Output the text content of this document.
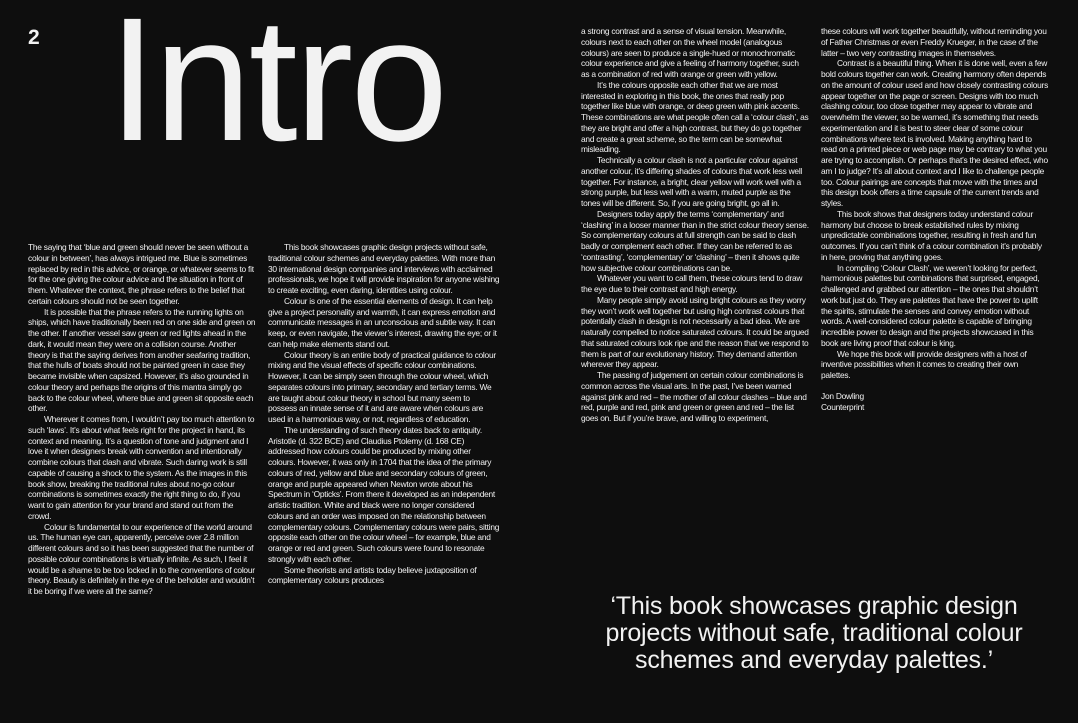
2 Intro

The saying that ‘blue and green should never be seen without a colour in between’, has always intrigued me. Blue is sometimes replaced by red in this advice, or orange, or whatever seems to fit for the one giving the colour advice and the situation in front of them. Whatever the context, the phrase refers to the belief that certain colours should not be seen together.

It is possible that the phrase refers to the running lights on ships, which have traditionally been red on one side and green on the other. If another vessel saw green or red lights ahead in the dark, it would mean they were on a collision course. Another theory is that the saying derives from another seafaring tradition, that the hulls of boats should not be painted green in case they became invisible when capsized. However, it’s also grounded in colour theory and perhaps the origins of this mantra simply go back to the colour wheel, where blue and green sit opposite each other.

Wherever it comes from, I wouldn’t pay too much attention to such ‘laws’. It’s about what feels right for the project in hand, its context and meaning. It’s a question of tone and judgment and I love it when designers break with convention and intentionally combine colours that clash and vibrate. Such daring work is still capable of causing a shock to the system. As the images in this book show, breaking the traditional rules about no-go colour combinations is sometimes exactly the right thing to do, if you want to gain attention for your brand and stand out from the crowd.

Colour is fundamental to our experience of the world around us. The human eye can, apparently, perceive over 2.8 million different colours and so it has been suggested that the number of possible colour combinations is virtually infinite. As such, I feel it would be a shame to be too locked in to the conventions of colour theory. Beauty is definitely in the eye of the beholder and wouldn’t it be boring if we were all the same?

This book showcases graphic design projects without safe, traditional colour schemes and everyday palettes. With more than 30 international design companies and interviews with acclaimed professionals, we hope it will provide inspiration for anyone wishing to create exciting, even daring, identities using colour.

Colour is one of the essential elements of design. It can help give a project personality and warmth, it can express emotion and communicate messages in an unconscious and subtle way. It can keep, or even navigate, the viewer’s interest, drawing the eye; or it can help make elements stand out.

Colour theory is an entire body of practical guidance to colour mixing and the visual effects of specific colour combinations. However, it can be simply seen through the colour wheel, which separates colours into primary, secondary and tertiary terms. We are taught about colour theory in school but many seem to possess an innate sense of it and are aware when colours are used in a harmonious way, or not, regardless of education.

The understanding of such theory dates back to antiquity. Aristotle (d. 322 BCE) and Claudius Ptolemy (d. 168 CE) addressed how colours could be produced by mixing other colours. However, it was only in 1704 that the idea of the primary colours of red, yellow and blue and secondary colours of green, orange and purple appeared when Newton wrote about his Spectrum in ‘Opticks’. From there it developed as an independent artistic tradition. White and black were no longer considered colours and an order was imposed on the relationship between complementary colours. Complementary colours were pairs, sitting opposite each other on the colour wheel – for example, blue and orange or red and green. Such colours were found to resonate strongly with each other.

Some theorists and artists today believe juxtaposition of complementary colours produces

a strong contrast and a sense of visual tension. Meanwhile, colours next to each other on the wheel model (analogous colours) are seen to produce a single-hued or monochromatic colour experience and give a feeling of harmony together, such as a combination of red with orange or green with yellow.

It’s the colours opposite each other that we are most interested in exploring in this book, the ones that really pop together like blue with orange, or deep green with pink accents. These combinations are what people often call a ‘colour clash’, as they are bright and offer a high contrast, but they do go together and create a great scheme, so the term can be somewhat misleading.

Technically a colour clash is not a particular colour against another colour, it’s differing shades of colours that work less well together. For instance, a bright, clear yellow will work well with a strong purple, but less well with a warm, muted purple as the tones will be different. So, if you are going bright, go all in.

Designers today apply the terms ‘complementary’ and ‘clashing’ in a looser manner than in the strict colour theory sense. So complementary colours at full strength can be said to clash badly or complement each other. If they can be referred to as ‘contrasting’, ‘complementary’ or ‘clashing’ – then it shows quite how subjective colour combinations can be.

Whatever you want to call them, these colours tend to draw the eye due to their contrast and high energy.

Many people simply avoid using bright colours as they worry they won’t work well together but using high contrast colours that potentially clash in design is not necessarily a bad idea. We are naturally compelled to notice saturated colours. It could be argued that saturated colours look ripe and the reason that we respond to them is part of our evolutionary history. They demand attention wherever they appear.

The passing of judgement on certain colour combinations is common across the visual arts. In the past, I’ve been warned against pink and red – the mother of all colour clashes – blue and red, purple and red, pink and green or green and red – the list goes on. But if you’re brave, and willing to experiment,

these colours will work together beautifully, without reminding you of Father Christmas or even Freddy Krueger, in the case of the latter – two very contrasting images in themselves.

Contrast is a beautiful thing. When it is done well, even a few bold colours together can work. Creating harmony often depends on the amount of colour used and how closely contrasting colours appear together on the page or screen. Designs with too much clashing colour, too close together may appear to vibrate and overwhelm the viewer, so be warned, it’s something that needs experimentation and it is best to steer clear of some colour combinations where text is involved. Making anything hard to read on a printed piece or web page may be contrary to what you are trying to accomplish. Or perhaps that’s the desired effect, who am I to judge? It’s all about context and I like to challenge people too. Colour pairings are concepts that move with the times and this design book offers a time capsule of the current trends and styles.

This book shows that designers today understand colour harmony but choose to break established rules by mixing unpredictable combinations together, resulting in fresh and fun outcomes. If you can’t think of a colour combination it’s probably in here, proving that anything goes.

In compiling ‘Colour Clash’, we weren’t looking for perfect, harmonious palettes but combinations that surprised, engaged, challenged and grabbed our attention – the ones that shouldn’t work but just do. They are palettes that have the power to uplift the spirits, stimulate the senses and convey emotion without words. A well-considered colour palette is capable of bringing incredible power to design and the projects showcased in this book are living proof that colour is king.

We hope this book will provide designers with a host of inventive possibilities when it comes to creating their own palettes.

Jon Dowling
Counterprint

‘This book showcases graphic design projects without safe, traditional colour schemes and everyday palettes.’
